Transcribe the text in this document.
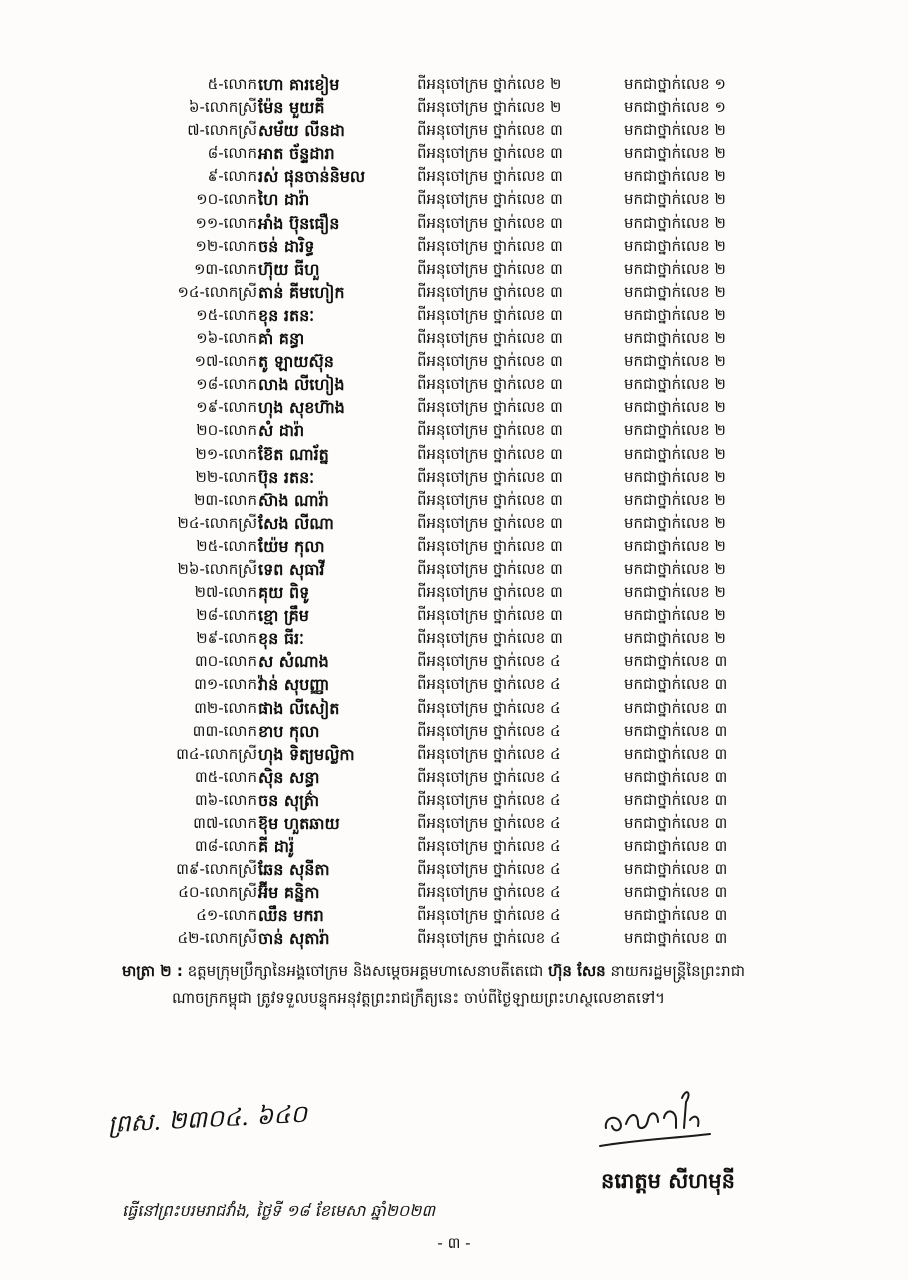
៥-លោក ហោ គារខៀម	ពីអនុចៅក្រម ថ្នាក់លេខ ២	មកជាថ្នាក់លេខ ១
៦-លោកស្រី ម៉ែន មួយគី	ពីអនុចៅក្រម ថ្នាក់លេខ ២	មកជាថ្នាក់លេខ ១
៧-លោកស្រី សម័យ លីនដា	ពីអនុចៅក្រម ថ្នាក់លេខ ៣	មកជាថ្នាក់លេខ ២
៨-លោក អាត ច័ន្ទដារា	ពីអនុចៅក្រម ថ្នាក់លេខ ៣	មកជាថ្នាក់លេខ ២
៩-លោក រស់ ផុនចាន់និមល	ពីអនុចៅក្រម ថ្នាក់លេខ ៣	មកជាថ្នាក់លេខ ២
១០-លោក ហៃ ដារ៉ា	ពីអនុចៅក្រម ថ្នាក់លេខ ៣	មកជាថ្នាក់លេខ ២
១១-លោក អាំង ប៊ុនធឿន	ពីអនុចៅក្រម ថ្នាក់លេខ ៣	មកជាថ្នាក់លេខ ២
១២-លោក ចន់ ដារិទ្ធ	ពីអនុចៅក្រម ថ្នាក់លេខ ៣	មកជាថ្នាក់លេខ ២
១៣-លោក ហ៊ុយ ធីហួ	ពីអនុចៅក្រម ថ្នាក់លេខ ៣	មកជាថ្នាក់លេខ ២
១៤-លោកស្រី តាន់ គីមហៀក	ពីអនុចៅក្រម ថ្នាក់លេខ ៣	មកជាថ្នាក់លេខ ២
១៥-លោក ខុន រតនៈ	ពីអនុចៅក្រម ថ្នាក់លេខ ៣	មកជាថ្នាក់លេខ ២
១៦-លោក គាំ គន្ធា	ពីអនុចៅក្រម ថ្នាក់លេខ ៣	មកជាថ្នាក់លេខ ២
១៧-លោក តូ ឡាយស៊ុន	ពីអនុចៅក្រម ថ្នាក់លេខ ៣	មកជាថ្នាក់លេខ ២
១៨-លោក លាង លីហៀង	ពីអនុចៅក្រម ថ្នាក់លេខ ៣	មកជាថ្នាក់លេខ ២
១៩-លោក ហុង សុខហ៊ាង	ពីអនុចៅក្រម ថ្នាក់លេខ ៣	មកជាថ្នាក់លេខ ២
២០-លោក សំ ដារ៉ា	ពីអនុចៅក្រម ថ្នាក់លេខ ៣	មកជាថ្នាក់លេខ ២
២១-លោក ខ៊ែត ណារ័ត្ន	ពីអនុចៅក្រម ថ្នាក់លេខ ៣	មកជាថ្នាក់លេខ ២
២២-លោក ប៊ុន រតនៈ	ពីអនុចៅក្រម ថ្នាក់លេខ ៣	មកជាថ្នាក់លេខ ២
២៣-លោក ស៊ាង ណារ៉ា	ពីអនុចៅក្រម ថ្នាក់លេខ ៣	មកជាថ្នាក់លេខ ២
២៤-លោកស្រី សែង លីណា	ពីអនុចៅក្រម ថ្នាក់លេខ ៣	មកជាថ្នាក់លេខ ២
២៥-លោក យ៉ែម កុលា	ពីអនុចៅក្រម ថ្នាក់លេខ ៣	មកជាថ្នាក់លេខ ២
២៦-លោកស្រី ទេព សុធាវី	ពីអនុចៅក្រម ថ្នាក់លេខ ៣	មកជាថ្នាក់លេខ ២
២៧-លោក គុយ ពិទូ	ពីអនុចៅក្រម ថ្នាក់លេខ ៣	មកជាថ្នាក់លេខ ២
២៨-លោក ខ្មោ គ្រឹម	ពីអនុចៅក្រម ថ្នាក់លេខ ៣	មកជាថ្នាក់លេខ ២
២៩-លោក ខុន ធីរៈ	ពីអនុចៅក្រម ថ្នាក់លេខ ៣	មកជាថ្នាក់លេខ ២
៣០-លោក ស សំណាង	ពីអនុចៅក្រម ថ្នាក់លេខ ៤	មកជាថ្នាក់លេខ ៣
៣១-លោក វ៉ាន់ សុបញ្ញា	ពីអនុចៅក្រម ថ្នាក់លេខ ៤	មកជាថ្នាក់លេខ ៣
៣២-លោក ផាង លីសៀត	ពីអនុចៅក្រម ថ្នាក់លេខ ៤	មកជាថ្នាក់លេខ ៣
៣៣-លោក ខាប កុលា	ពីអនុចៅក្រម ថ្នាក់លេខ ៤	មកជាថ្នាក់លេខ ៣
៣៤-លោកស្រី ហុង ទិត្យមល្លិកា	ពីអនុចៅក្រម ថ្នាក់លេខ ៤	មកជាថ្នាក់លេខ ៣
៣៥-លោក ស៊ិន សន្ធា	ពីអនុចៅក្រម ថ្នាក់លេខ ៤	មកជាថ្នាក់លេខ ៣
៣៦-លោក ចន សុត៌្រា	ពីអនុចៅក្រម ថ្នាក់លេខ ៤	មកជាថ្នាក់លេខ ៣
៣៧-លោក ខ៊ុម ហួតឆាយ	ពីអនុចៅក្រម ថ្នាក់លេខ ៤	មកជាថ្នាក់លេខ ៣
៣៨-លោក គី ដារ៉ូ	ពីអនុចៅក្រម ថ្នាក់លេខ ៤	មកជាថ្នាក់លេខ ៣
៣៩-លោកស្រី ឆែន សុនីតា	ពីអនុចៅក្រម ថ្នាក់លេខ ៤	មកជាថ្នាក់លេខ ៣
៤០-លោកស្រី អ៊ីម គន្និកា	ពីអនុចៅក្រម ថ្នាក់លេខ ៤	មកជាថ្នាក់លេខ ៣
៤១-លោក ឈឹន មករា	ពីអនុចៅក្រម ថ្នាក់លេខ ៤	មកជាថ្នាក់លេខ ៣
៤២-លោកស្រី ចាន់ សុតារ៉ា	ពីអនុចៅក្រម ថ្នាក់លេខ ៤	មកជាថ្នាក់លេខ ៣
មាត្រា ២ : ឧត្តមក្រុមប្រឹក្សានៃអង្គចៅក្រម និងសម្តេចអគ្គមហាសេនាបតីតេជោ ហ៊ុន សែន នាយករដ្ឋមន្ត្រីនៃព្រះរាជា
ណាចក្រកម្ពុជា ត្រូវទទួលបន្ទុកអនុវត្តព្រះរាជក្រឹត្យនេះ ចាប់ពីថ្ងៃឡាយព្រះហស្ថលេខាតទៅ។
ព្រស. ២៣០៤. ៦៤០
នរោត្តម សីហមុនី
ធ្វើនៅព្រះបរមរាជវាំង, ថ្ងៃទី ១៨ ខែមេសា ឆ្នាំ២០២៣
- ៣ -
